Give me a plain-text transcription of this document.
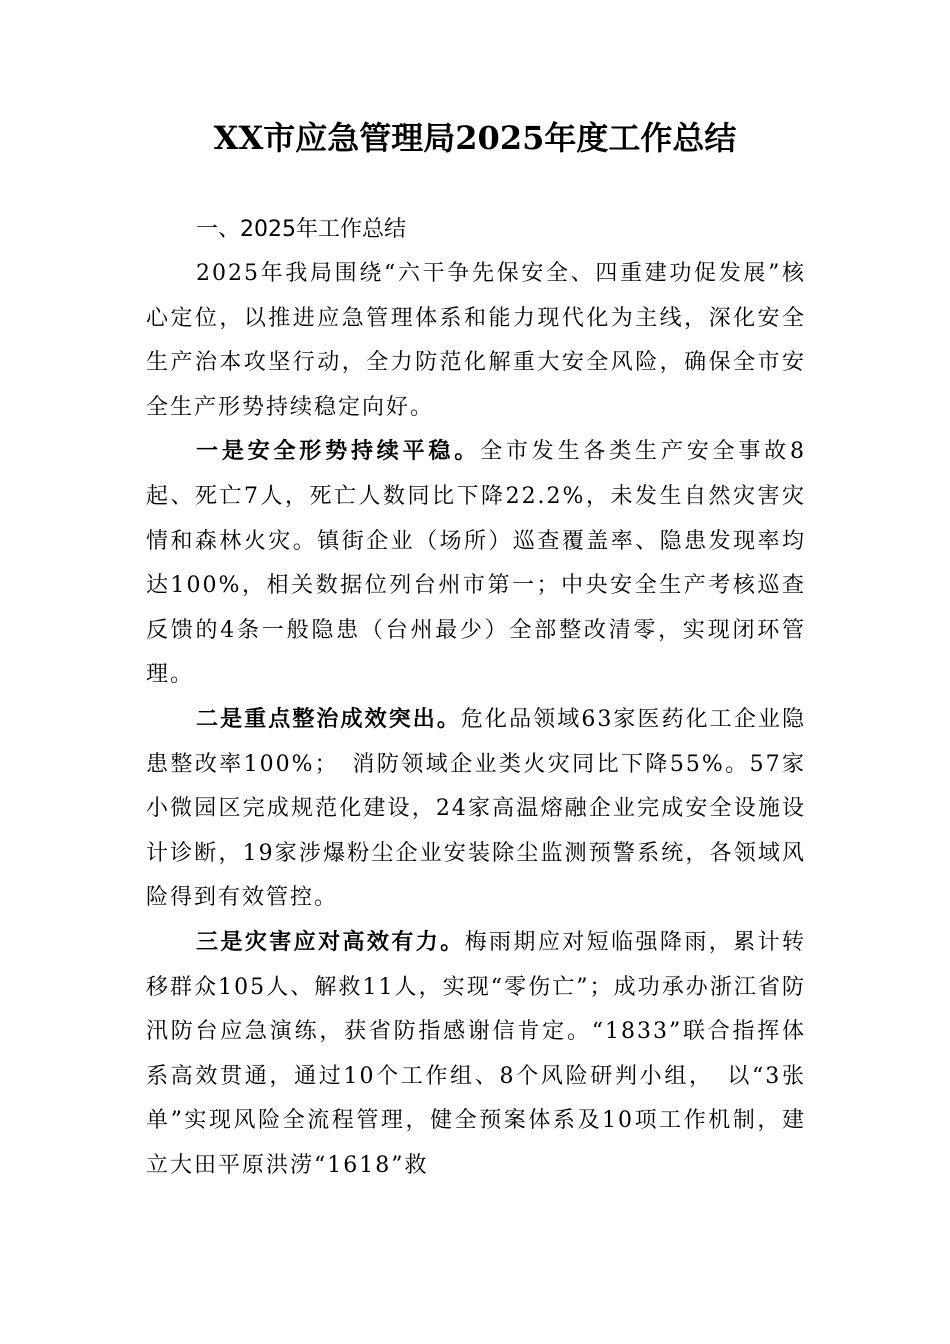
XX市应急管理局2025年度工作总结
一、2025年工作总结

2025年我局围绕“六干争先保安全、四重建功促发展”核心定位，以推进应急管理体系和能力现代化为主线，深化安全生产治本攻坚行动，全力防范化解重大安全风险，确保全市安全生产形势持续稳定向好。

一是安全形势持续平稳。全市发生各类生产安全事故8起、死亡7人，死亡人数同比下降22.2%，未发生自然灾害灾情和森林火灾。镇街企业（场所）巡查覆盖率、隐患发现率均达100%，相关数据位列台州市第一；中央安全生产考核巡查反馈的4条一般隐患（台州最少）全部整改清零，实现闭环管理。

二是重点整治成效突出。危化品领域63家医药化工企业隐患整改率100%；　消防领域企业类火灾同比下降55%。57家小微园区完成规范化建设，24家高温熔融企业完成安全设施设计诊断，19家涉爆粉尘企业安装除尘监测预警系统，各领域风险得到有效管控。

三是灾害应对高效有力。梅雨期应对短临强降雨，累计转移群众105人、解救11人，实现“零伤亡”；成功承办浙江省防汛防台应急演练，获省防指感谢信肯定。“1833”联合指挥体系高效贯通，通过10个工作组、8个风险研判小组，　以“3张单”实现风险全流程管理，健全预案体系及10项工作机制，建立大田平原洪涝“1618”救
